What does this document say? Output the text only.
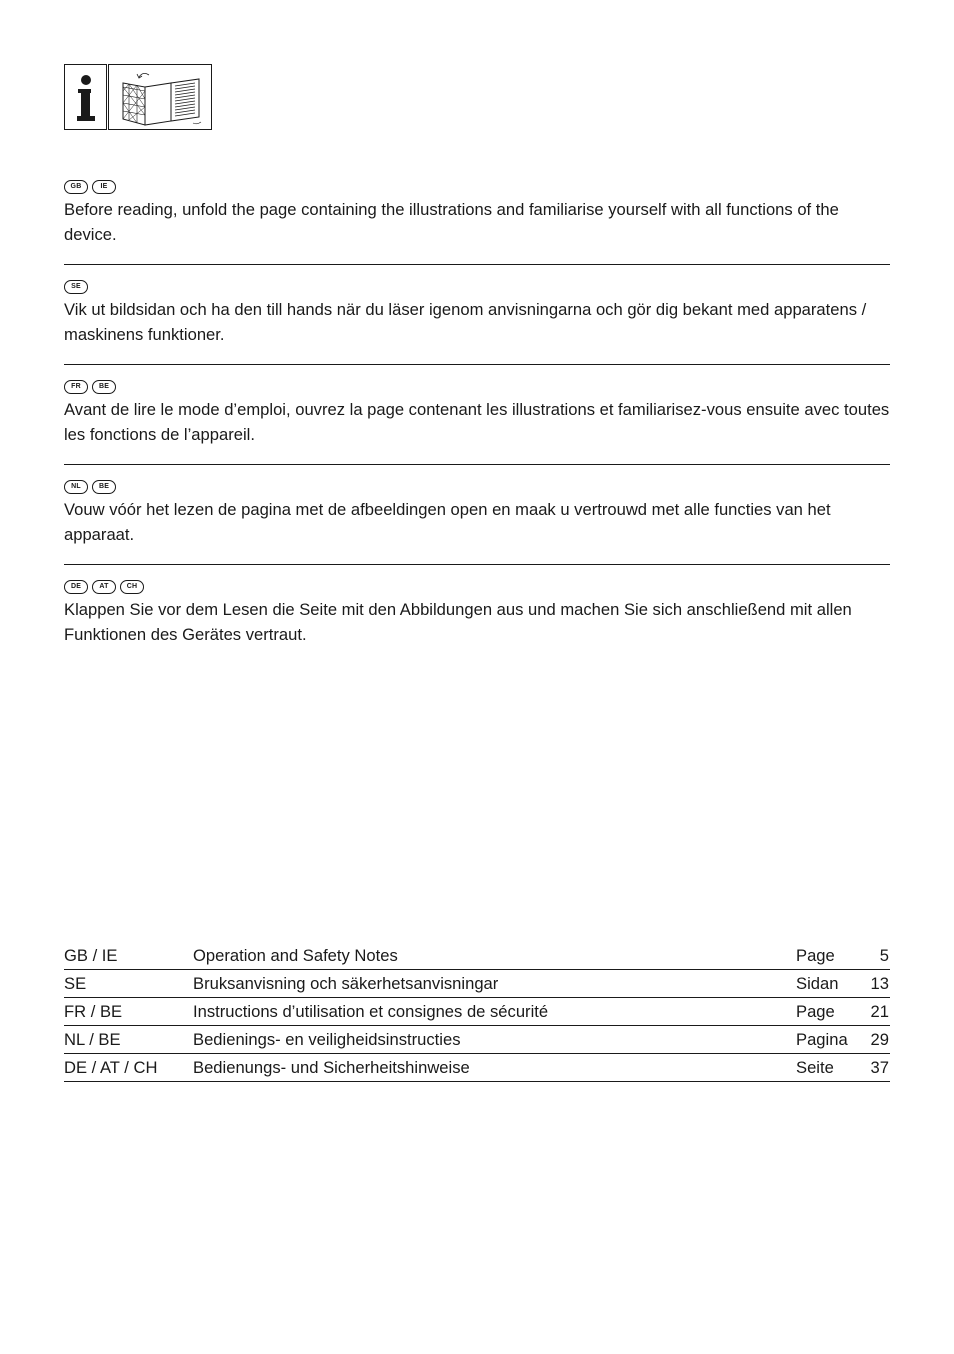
GB	IE
Before reading, unfold the page containing the illustrations and familiarise yourself with all functions of the device.
SE
Vik ut bildsidan och ha den till hands när du läser igenom anvisningarna och gör dig bekant med apparatens / maskinens funktioner.
FR	BE
Avant de lire le mode d’emploi, ouvrez la page contenant les illustrations et familiarisez-vous ensuite avec toutes les fonctions de l’appareil.
NL	BE
Vouw vóór het lezen de pagina met de afbeeldingen open en maak u vertrouwd met alle functies van het apparaat.
DE	AT	CH
Klappen Sie vor dem Lesen die Seite mit den Abbildungen aus und machen Sie sich anschließend mit allen Funktionen des Gerätes vertraut.
GB / IE	Operation and Safety Notes	Page	5
SE	Bruksanvisning och säkerhetsanvisningar	Sidan 13
FR / BE	Instructions d’utilisation et consignes de sécurité	Page 21
NL / BE	Bedienings- en veiligheidsinstructies	Pagina 29
DE / AT / CH Bedienungs- und Sicherheitshinweise	Seite 37
